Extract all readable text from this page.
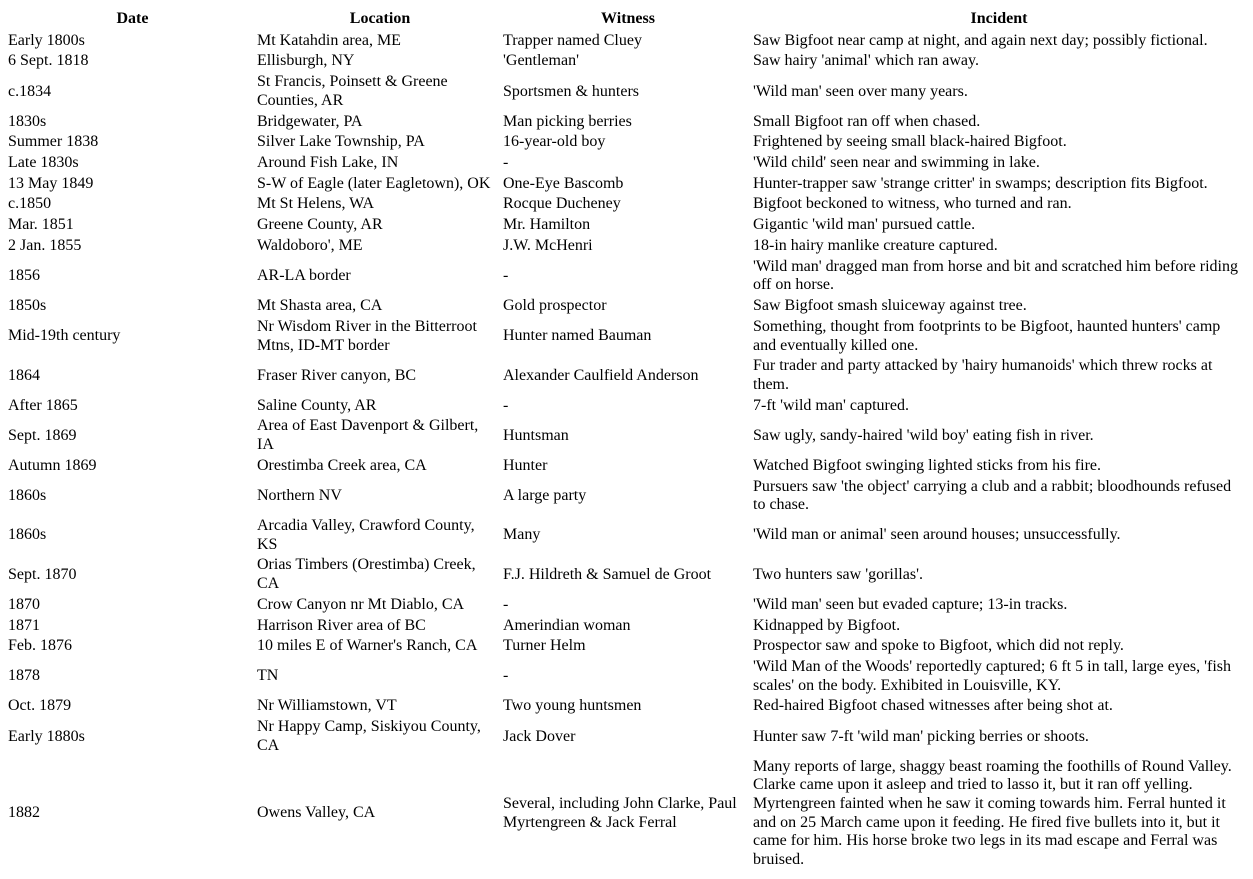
Date	Location	Witness	Incident
Early 1800s	Mt Katahdin area, ME	Trapper named Cluey	Saw Bigfoot near camp at night, and again next day; possibly fictional.
6 Sept. 1818	Ellisburgh, NY	'Gentleman'	Saw hairy 'animal' which ran away.
c.1834	St Francis, Poinsett & Greene Counties, AR	Sportsmen & hunters	'Wild man' seen over many years.
1830s	Bridgewater, PA	Man picking berries	Small Bigfoot ran off when chased.
Summer 1838	Silver Lake Township, PA	16-year-old boy	Frightened by seeing small black-haired Bigfoot.
Late 1830s	Around Fish Lake, IN	-	'Wild child' seen near and swimming in lake.
13 May 1849	S-W of Eagle (later Eagletown), OK	One-Eye Bascomb	Hunter-trapper saw 'strange critter' in swamps; description fits Bigfoot.
c.1850	Mt St Helens, WA	Rocque Ducheney	Bigfoot beckoned to witness, who turned and ran.
Mar. 1851	Greene County, AR	Mr. Hamilton	Gigantic 'wild man' pursued cattle.
2 Jan. 1855	Waldoboro', ME	J.W. McHenri	18-in hairy manlike creature captured.
1856	AR-LA border	-	'Wild man' dragged man from horse and bit and scratched him before riding off on horse.
1850s	Mt Shasta area, CA	Gold prospector	Saw Bigfoot smash sluiceway against tree.
Mid-19th century	Nr Wisdom River in the Bitterroot Mtns, ID-MT border	Hunter named Bauman	Something, thought from footprints to be Bigfoot, haunted hunters' camp and eventually killed one.
1864	Fraser River canyon, BC	Alexander Caulfield Anderson	Fur trader and party attacked by 'hairy humanoids' which threw rocks at them.
After 1865	Saline County, AR	-	7-ft 'wild man' captured.
Sept. 1869	Area of East Davenport & Gilbert, IA	Huntsman	Saw ugly, sandy-haired 'wild boy' eating fish in river.
Autumn 1869	Orestimba Creek area, CA	Hunter	Watched Bigfoot swinging lighted sticks from his fire.
1860s	Northern NV	A large party	Pursuers saw 'the object' carrying a club and a rabbit; bloodhounds refused to chase.
1860s	Arcadia Valley, Crawford County, KS	Many	'Wild man or animal' seen around houses; unsuccessfully.
Sept. 1870	Orias Timbers (Orestimba) Creek, CA	F.J. Hildreth & Samuel de Groot	Two hunters saw 'gorillas'.
1870	Crow Canyon nr Mt Diablo, CA	-	'Wild man' seen but evaded capture; 13-in tracks.
1871	Harrison River area of BC	Amerindian woman	Kidnapped by Bigfoot.
Feb. 1876	10 miles E of Warner's Ranch, CA	Turner Helm	Prospector saw and spoke to Bigfoot, which did not reply.
1878	TN	-	'Wild Man of the Woods' reportedly captured; 6 ft 5 in tall, large eyes, 'fish scales' on the body. Exhibited in Louisville, KY.
Oct. 1879	Nr Williamstown, VT	Two young huntsmen	Red-haired Bigfoot chased witnesses after being shot at.
Early 1880s	Nr Happy Camp, Siskiyou County, CA	Jack Dover	Hunter saw 7-ft 'wild man' picking berries or shoots.
1882	Owens Valley, CA	Several, including John Clarke, Paul Myrtengreen & Jack Ferral	Many reports of large, shaggy beast roaming the foothills of Round Valley. Clarke came upon it asleep and tried to lasso it, but it ran off yelling. Myrtengreen fainted when he saw it coming towards him. Ferral hunted it and on 25 March came upon it feeding. He fired five bullets into it, but it came for him. His horse broke two legs in its mad escape and Ferral was bruised.
